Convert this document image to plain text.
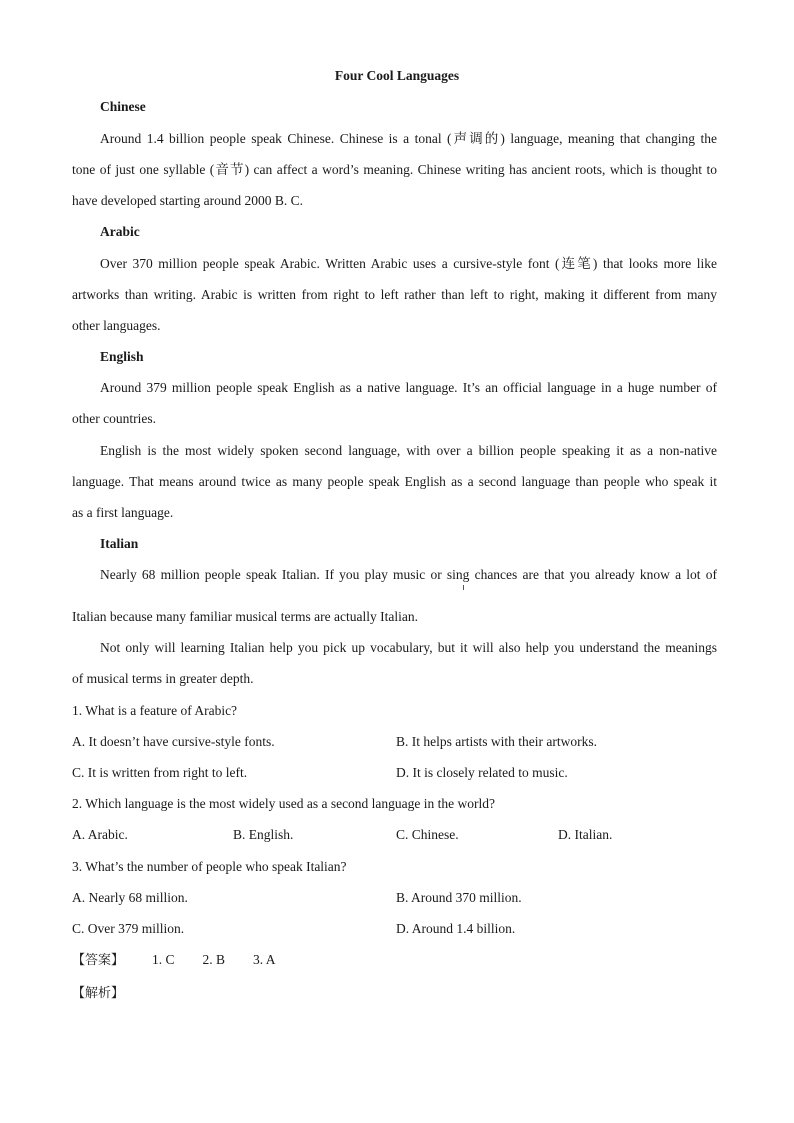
Four Cool Languages
Chinese
Around 1.4 billion people speak Chinese. Chinese is a tonal (声调的) language, meaning that changing the
tone of just one syllable (音节) can affect a word’s meaning. Chinese writing has ancient roots, which is thought to
have developed starting around 2000 B. C.
Arabic
Over 370 million people speak Arabic. Written Arabic uses a cursive-style font (连笔) that looks more like
artworks than writing. Arabic is written from right to left rather than left to right, making it different from many
other languages.
English
Around 379 million people speak English as a native language. It’s an official language in a huge number of
other countries.
English is the most widely spoken second language, with over a billion people speaking it as a non-native
language. That means around twice as many people speak English as a second language than people who speak it
as a first language.
Italian
Nearly 68 million people speak Italian. If you play music or sing chances are that you already know a lot of
Italian because many familiar musical terms are actually Italian.
Not only will learning Italian help you pick up vocabulary, but it will also help you understand the meanings
of musical terms in greater depth.
1. What is a feature of Arabic?
A. It doesn’t have cursive-style fonts.	B. It helps artists with their artworks.
C. It is written from right to left.	D. It is closely related to music.
2. Which language is the most widely used as a second language in the world?
A. Arabic.	B. English.	C. Chinese.	D. Italian.
3. What’s the number of people who speak Italian?
A. Nearly 68 million.	B. Around 370 million.
C. Over 379 million.	D. Around 1.4 billion.
【答案】 1. C 2. B 3. A
【解析】
